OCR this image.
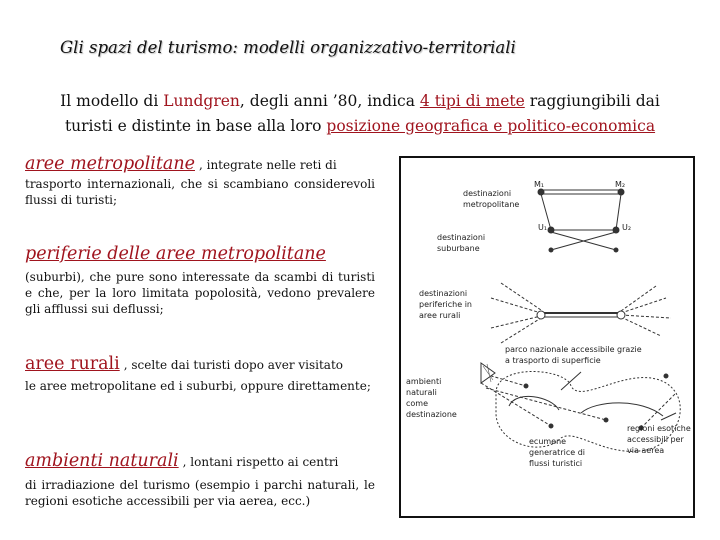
Gli spazi del turismo: modelli organizzativo-territoriali
Il modello di Lundgren, degli anni ’80, indica 4 tipi di mete raggiungibili dai
turisti e distinte in base alla loro posizione geografica e politico-economica
aree metropolitane , integrate nelle reti di
trasporto internazionali, che si scambiano considerevoli flussi di turisti;
periferie delle aree metropolitane
(suburbi), che pure sono interessate da scambi di turisti e che, per la loro limitata popolosità, vedono prevalere gli afflussi sui deflussi;
aree rurali , scelte dai turisti dopo aver visitato
le aree metropolitane ed i suburbi, oppure direttamente;
ambienti naturali , lontani rispetto ai centri
di irradiazione del turismo (esempio i parchi naturali, le regioni esotiche accessibili per via aerea, ecc.)
destinazioni
metropolitane
M₁	M₂
destinazioni
suburbane
U₁	U₂
destinazioni
periferiche in
aree rurali
parco nazionale accessibile grazie
a trasporto di superficie
ambienti
naturali
come
destinazione
ecumene
generatrice di
flussi turistici
regioni esotiche
accessibili per
via aerea
